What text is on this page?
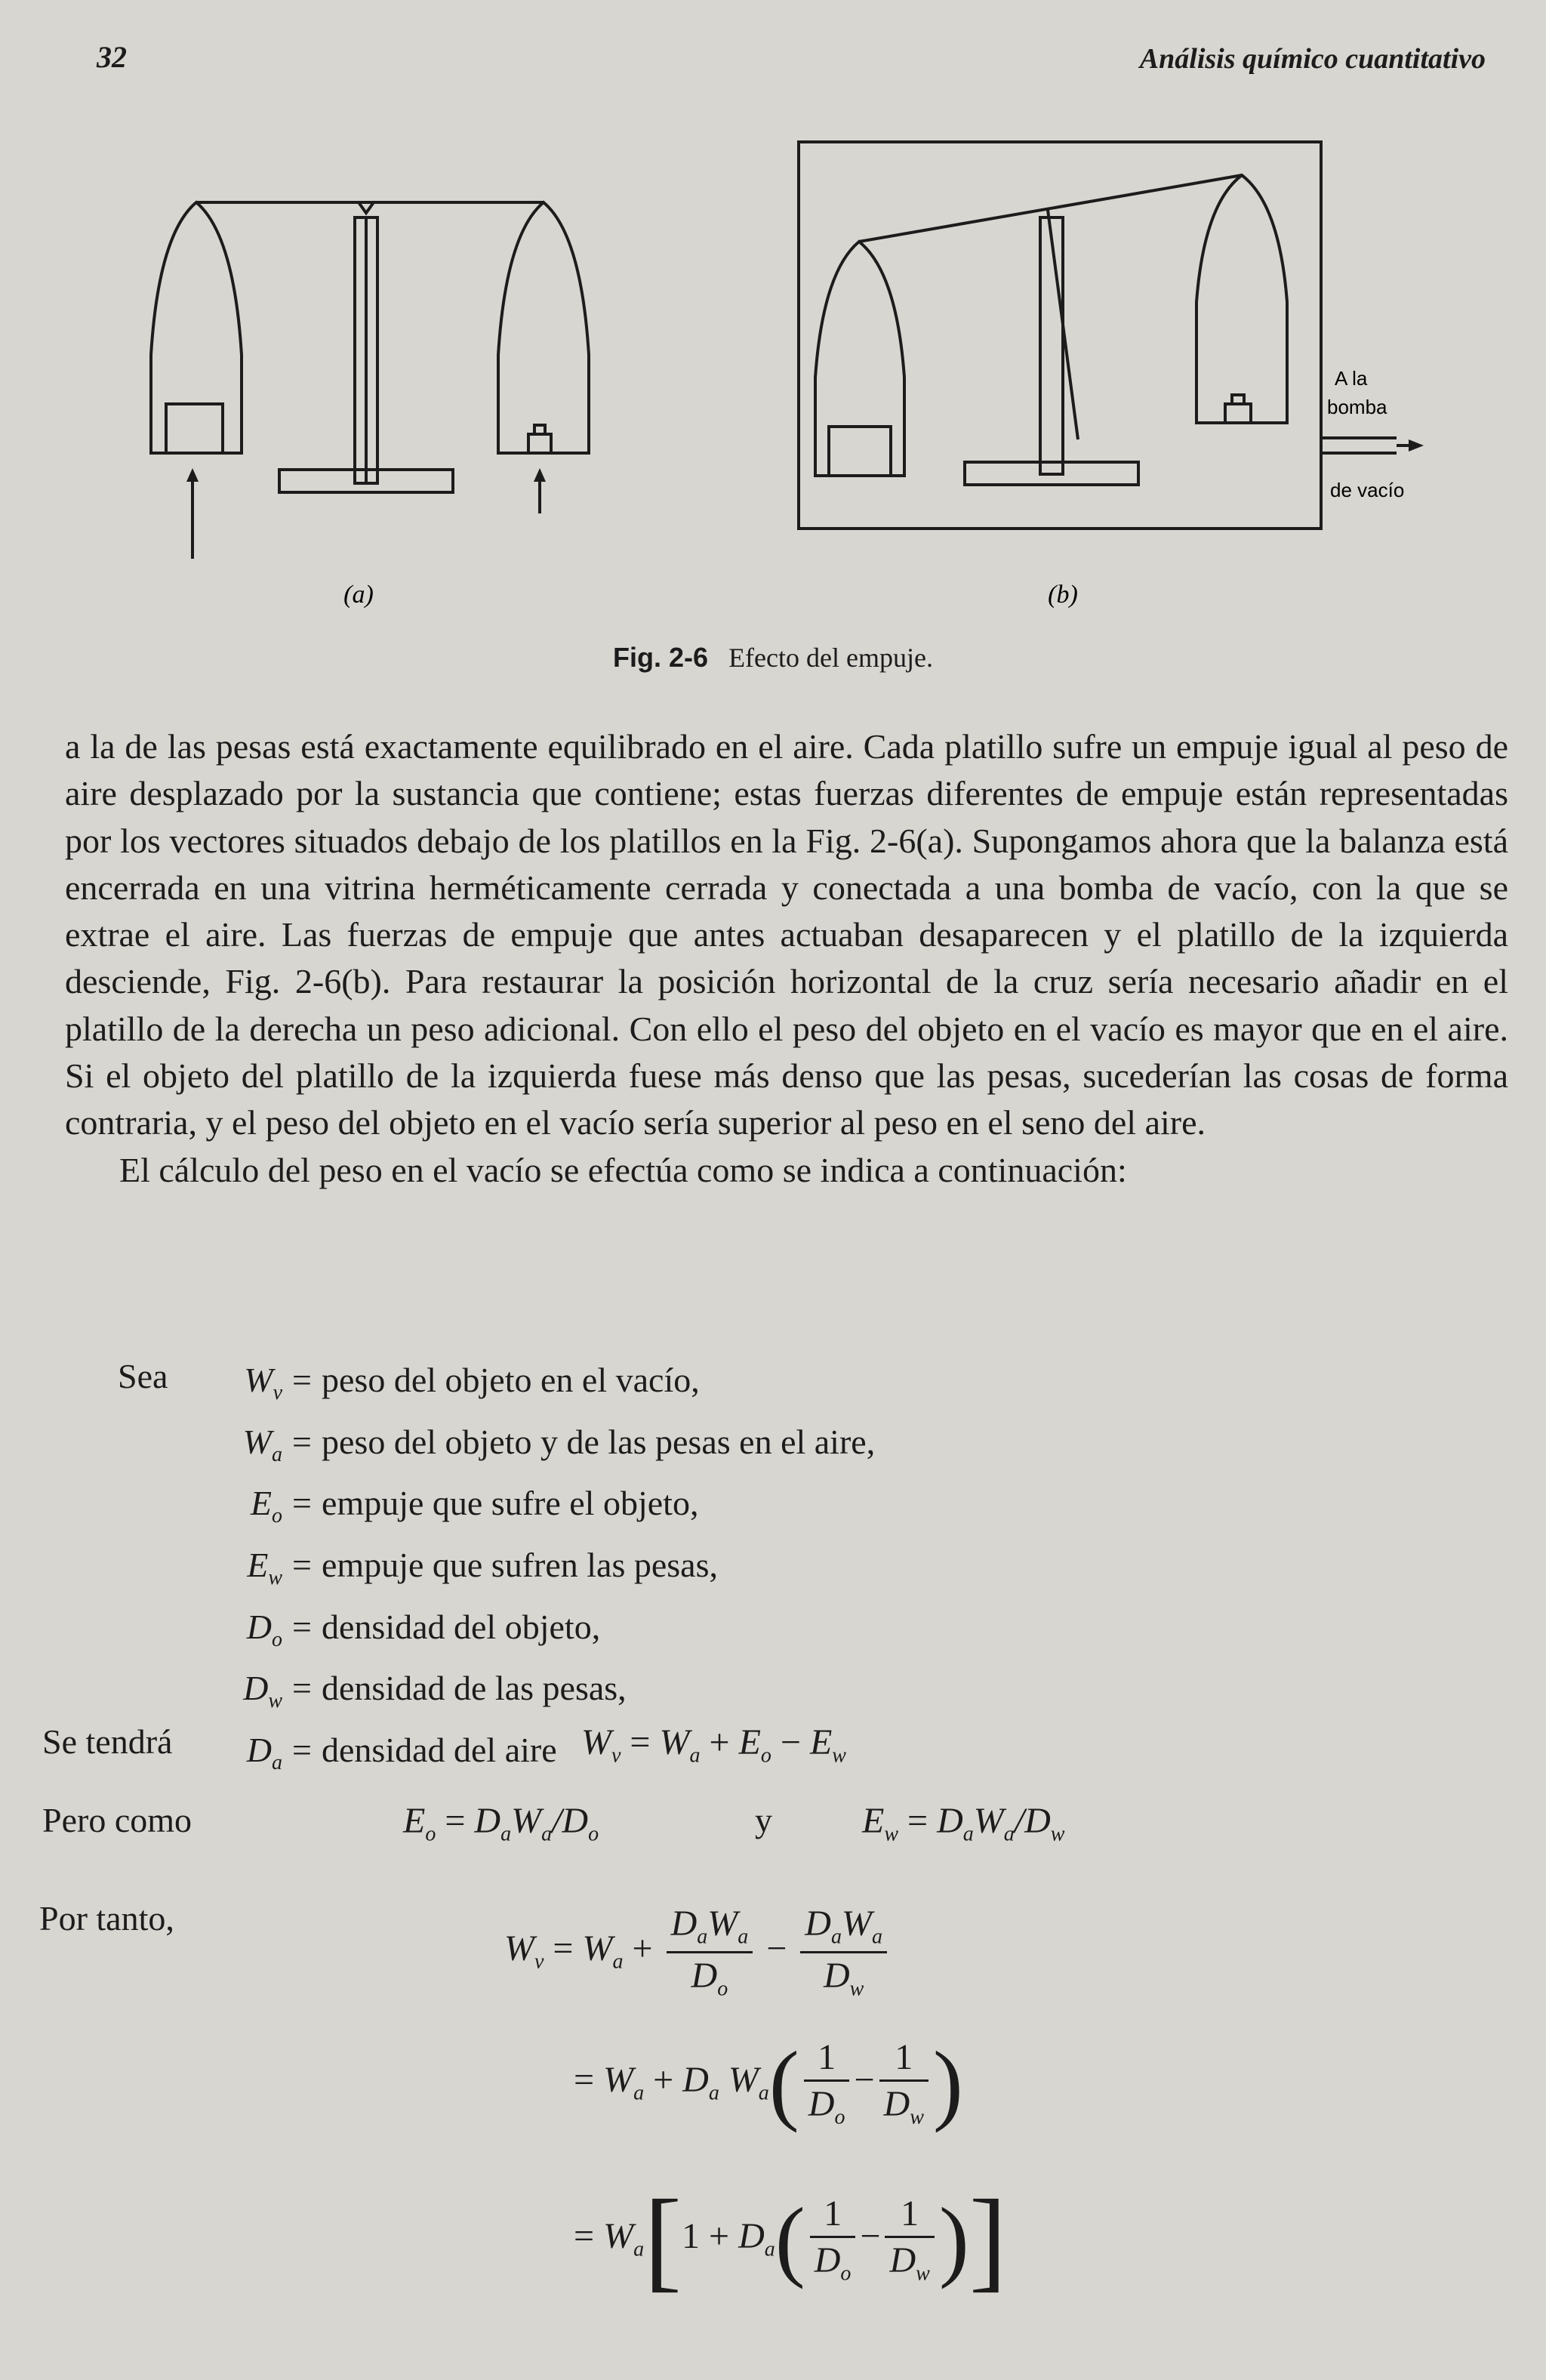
32	Análisis químico cuantitativo
(a)	(b)
A la
bomba
de vacío
Fig. 2-6 Efecto del empuje.

a la de las pesas está exactamente equilibrado en el aire. Cada platillo sufre un empuje igual al peso de aire desplazado por la sustancia que contiene; estas fuerzas diferentes de empuje están representadas por los vectores situados debajo de los platillos en la Fig. 2-6(a). Supongamos ahora que la balanza está encerrada en una vitrina herméticamente cerrada y conectada a una bomba de vacío, con la que se extrae el aire. Las fuerzas de empuje que antes actuaban desaparecen y el platillo de la izquierda desciende, Fig. 2-6(b). Para restaurar la posición horizontal de la cruz sería necesario añadir en el platillo de la derecha un peso adicional. Con ello el peso del objeto en el vacío es mayor que en el aire. Si el objeto del platillo de la izquierda fuese más denso que las pesas, sucederían las cosas de forma contraria, y el peso del objeto en el vacío sería superior al peso en el seno del aire.

El cálculo del peso en el vacío se efectúa como se indica a continuación:

Sea	$W_v$ = peso del objeto en el vacío,
$W_a$ = peso del objeto y de las pesas en el aire,
$E_o$ = empuje que sufre el objeto,
$E_w$ = empuje que sufren las pesas,
$D_o$ = densidad del objeto,
$D_w$ = densidad de las pesas,
$D_a$ = densidad del aire
Se tendrá	$W_v = W_a + E_o - E_w$
Pero como	$E_o = D_aW_a/D_o$	y $E_w = D_aW_a/D_w$
Por tanto,
$W_v = W_a + \frac{D_aW_a}{D_o} - \frac{D_aW_a}{D_w}$
= $W_a + D_a$ $W_a( \frac{1}{D_o} - \frac{1}{D_w}$ )
= $W_a[1 + D_a( \frac{1}{D_o} - \frac{1}{D_w}$ )]
